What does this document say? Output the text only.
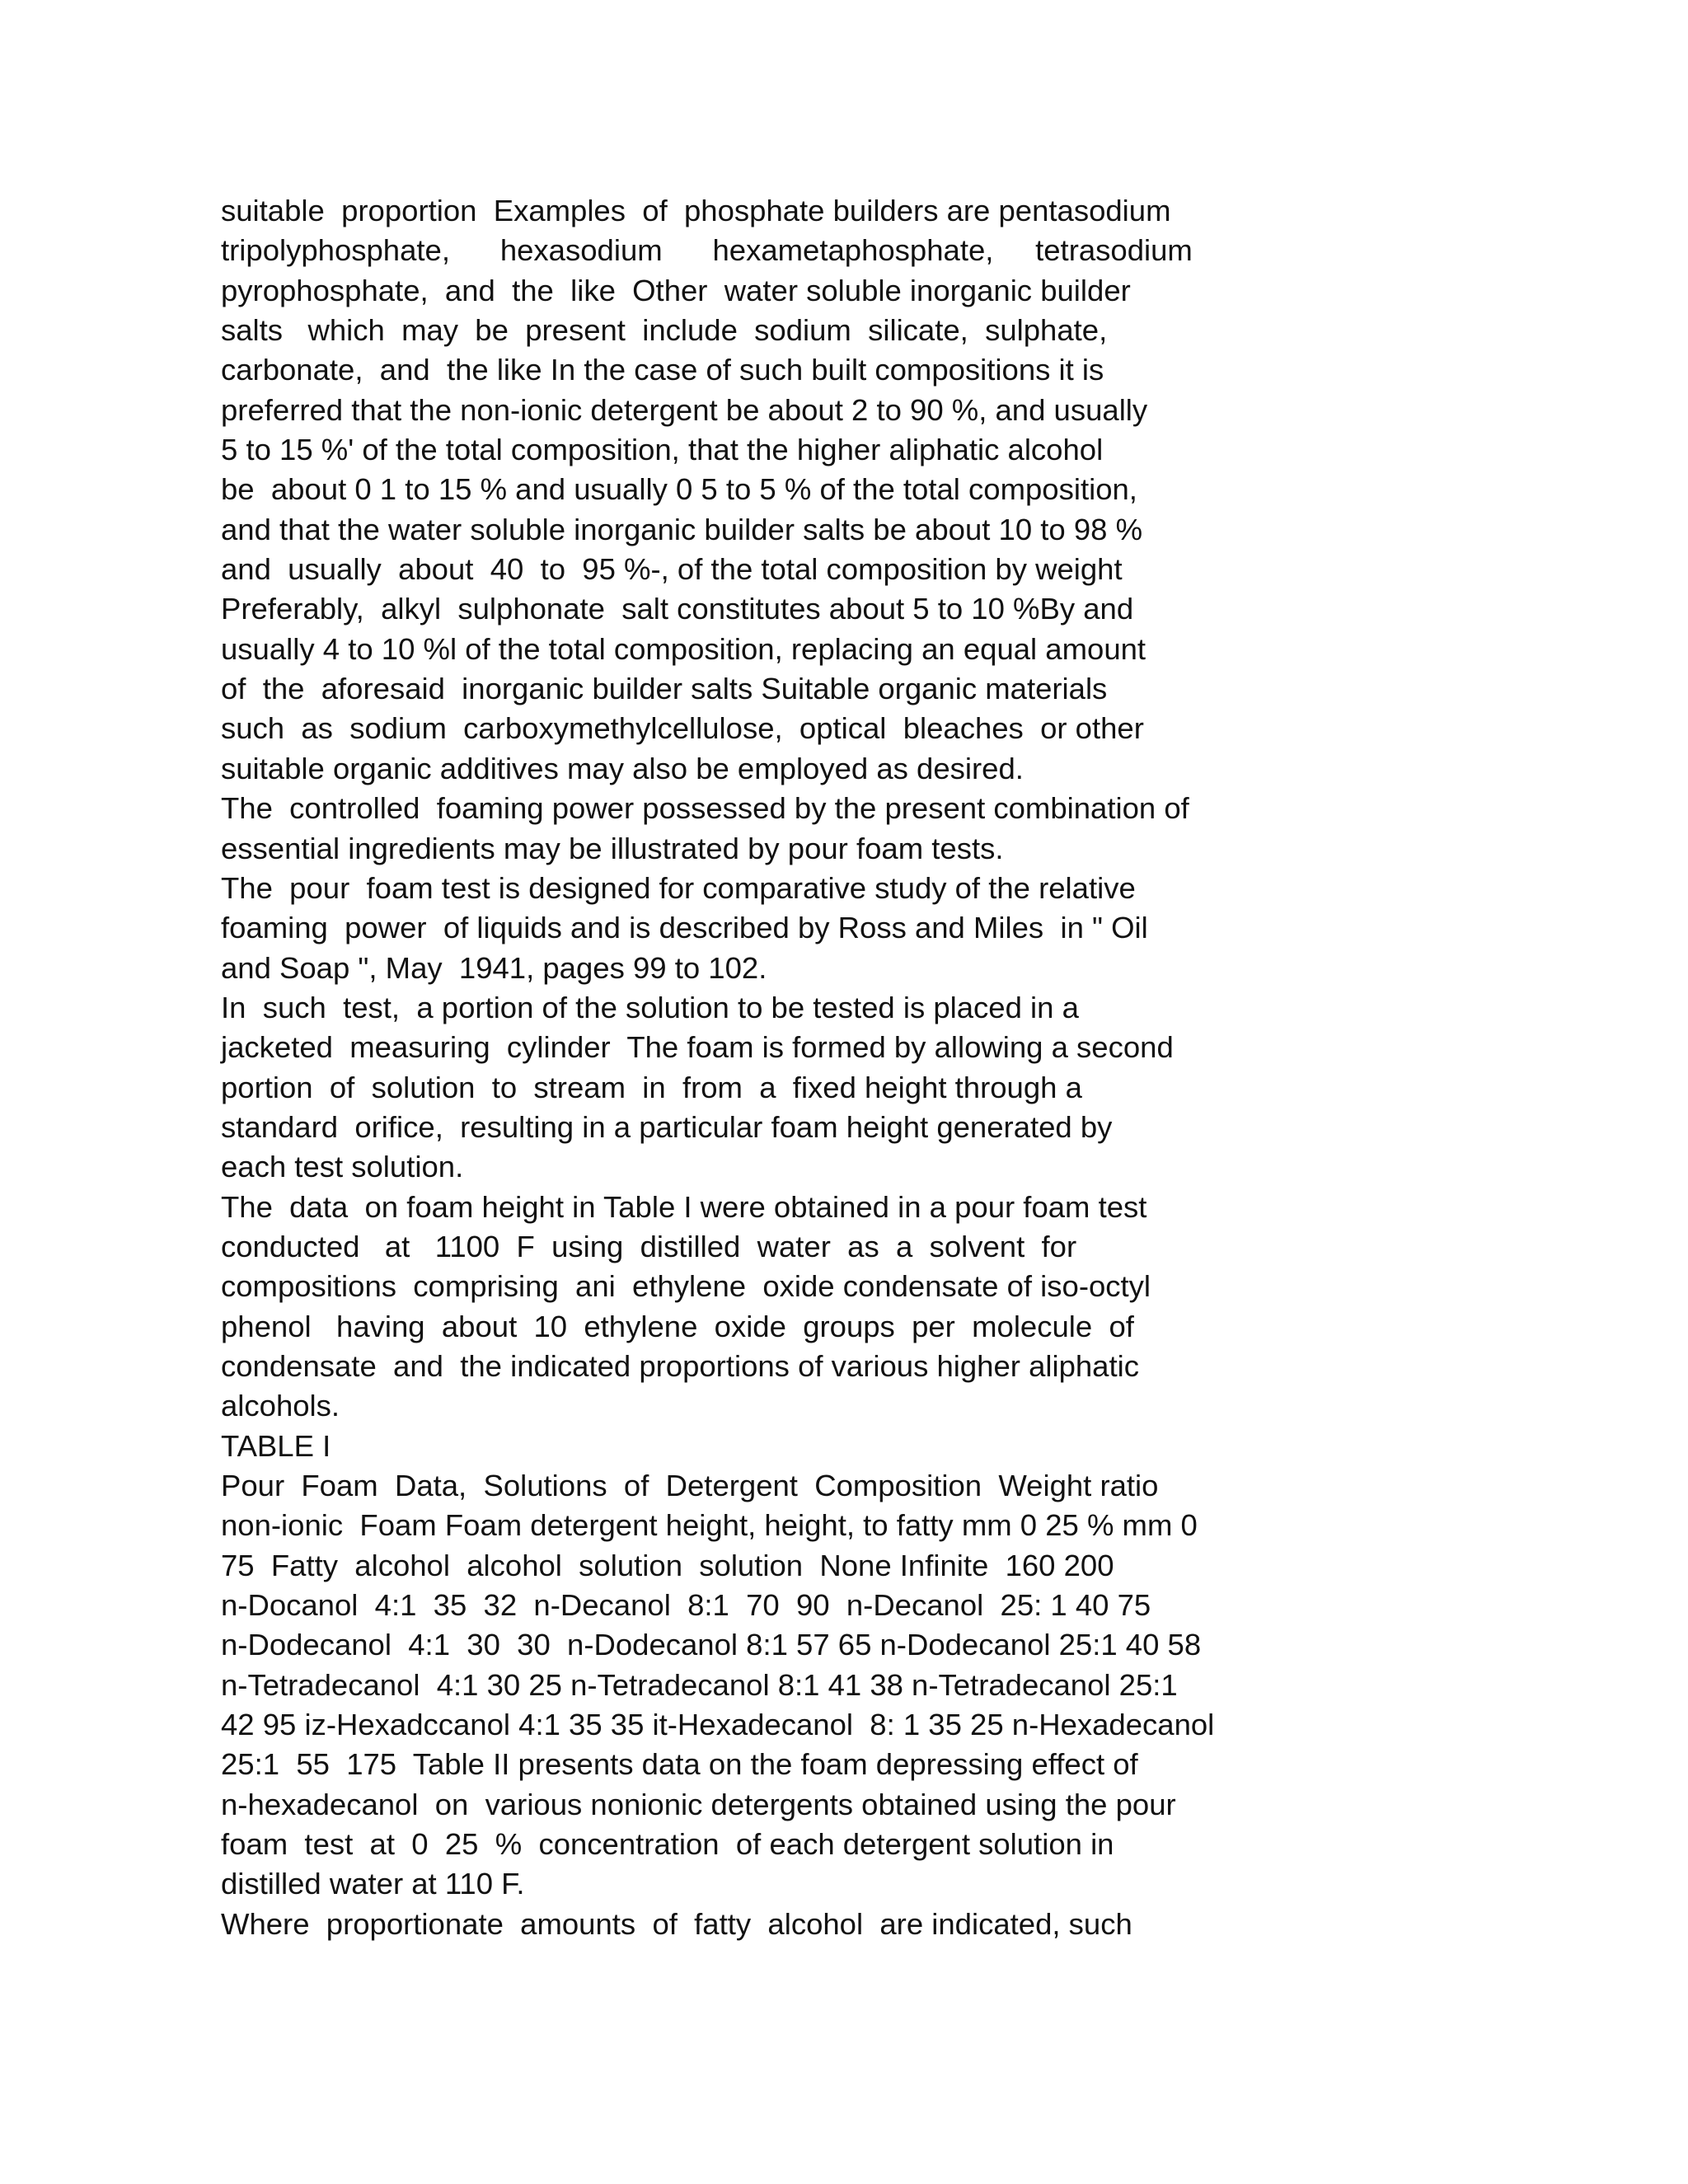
suitable  proportion  Examples  of  phosphate builders are pentasodium
tripolyphosphate,      hexasodium      hexametaphosphate,     tetrasodium
pyrophosphate,  and  the  like  Other  water soluble inorganic builder
salts   which  may  be  present  include  sodium  silicate,  sulphate,
carbonate,  and  the like In the case of such built compositions it is
preferred that the non-ionic detergent be about 2 to 90 %, and usually
5 to 15 %' of the total composition, that the higher aliphatic alcohol
be  about 0 1 to 15 % and usually 0 5 to 5 % of the total composition,
and that the water soluble inorganic builder salts be about 10 to 98 %
and  usually  about  40  to  95 %-, of the total composition by weight
Preferably,  alkyl  sulphonate  salt constitutes about 5 to 10 %By and
usually 4 to 10 %l of the total composition, replacing an equal amount
of  the  aforesaid  inorganic builder salts Suitable organic materials
such  as  sodium  carboxymethylcellulose,  optical  bleaches  or other
suitable organic additives may also be employed as desired.
The  controlled  foaming power possessed by the present combination of
essential ingredients may be illustrated by pour foam tests.
The  pour  foam test is designed for comparative study of the relative
foaming  power  of liquids and is described by Ross and Miles  in " Oil
and Soap ", May  1941, pages 99 to 102.
In  such  test,  a portion of the solution to be tested is placed in a
jacketed  measuring  cylinder  The foam is formed by allowing a second
portion  of  solution  to  stream  in  from  a  fixed height through a
standard  orifice,  resulting in a particular foam height generated by
each test solution.
The  data  on foam height in Table I were obtained in a pour foam test
conducted   at   1100  F  using  distilled  water  as  a  solvent  for
compositions  comprising  ani  ethylene  oxide condensate of iso-octyl
phenol   having  about  10  ethylene  oxide  groups  per  molecule  of
condensate  and  the indicated proportions of various higher aliphatic
alcohols.
TABLE I
Pour  Foam  Data,  Solutions  of  Detergent  Composition  Weight ratio
non-ionic  Foam Foam detergent height, height, to fatty mm 0 25 % mm 0
75  Fatty  alcohol  alcohol  solution  solution  None Infinite  160 200
n-Docanol  4:1  35  32  n-Decanol  8:1  70  90  n-Decanol  25: 1 40 75
n-Dodecanol  4:1  30  30  n-Dodecanol 8:1 57 65 n-Dodecanol 25:1 40 58
n-Tetradecanol  4:1 30 25 n-Tetradecanol 8:1 41 38 n-Tetradecanol 25:1
42 95 iz-Hexadccanol 4:1 35 35 it-Hexadecanol  8: 1 35 25 n-Hexadecanol
25:1  55  175  Table II presents data on the foam depressing effect of
n-hexadecanol  on  various nonionic detergents obtained using the pour
foam  test  at  0  25  %  concentration  of each detergent solution in
distilled water at 110 F.
Where  proportionate  amounts  of  fatty  alcohol  are indicated, such
